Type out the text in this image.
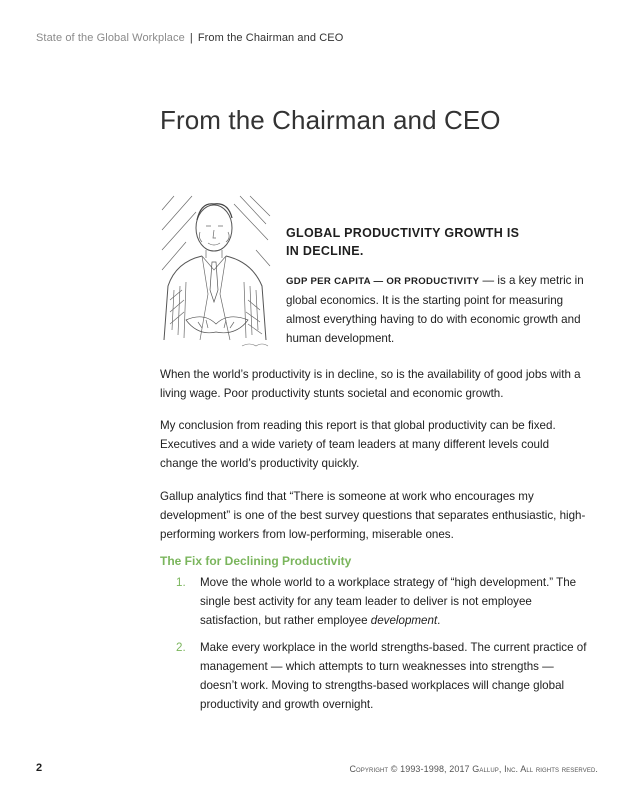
State of the Global Workplace | From the Chairman and CEO
From the Chairman and CEO
GLOBAL PRODUCTIVITY GROWTH IS
IN DECLINE.

GDP PER CAPITA — OR PRODUCTIVITY — is a key metric in global economics. It is the starting point for measuring almost everything having to do with economic growth and human development.

When the world’s productivity is in decline, so is the availability of good jobs with a living wage. Poor productivity stunts societal and economic growth.

My conclusion from reading this report is that global productivity can be fixed. Executives and a wide variety of team leaders at many different levels could change the world’s productivity quickly.

Gallup analytics find that “There is someone at work who encourages my development” is one of the best survey questions that separates enthusiastic, high-performing workers from low-performing, miserable ones.

The Fix for Declining Productivity
1. Move the whole world to a workplace strategy of “high development.” The single best activity for any team leader to deliver is not employee satisfaction, but rather employee development.
2. Make every workplace in the world strengths-based. The current practice of management — which attempts to turn weaknesses into strengths — doesn’t work. Moving to strengths-based workplaces will change global productivity and growth overnight.
2	Copyright © 1993-1998, 2017 Gallup, Inc. All rights reserved.
